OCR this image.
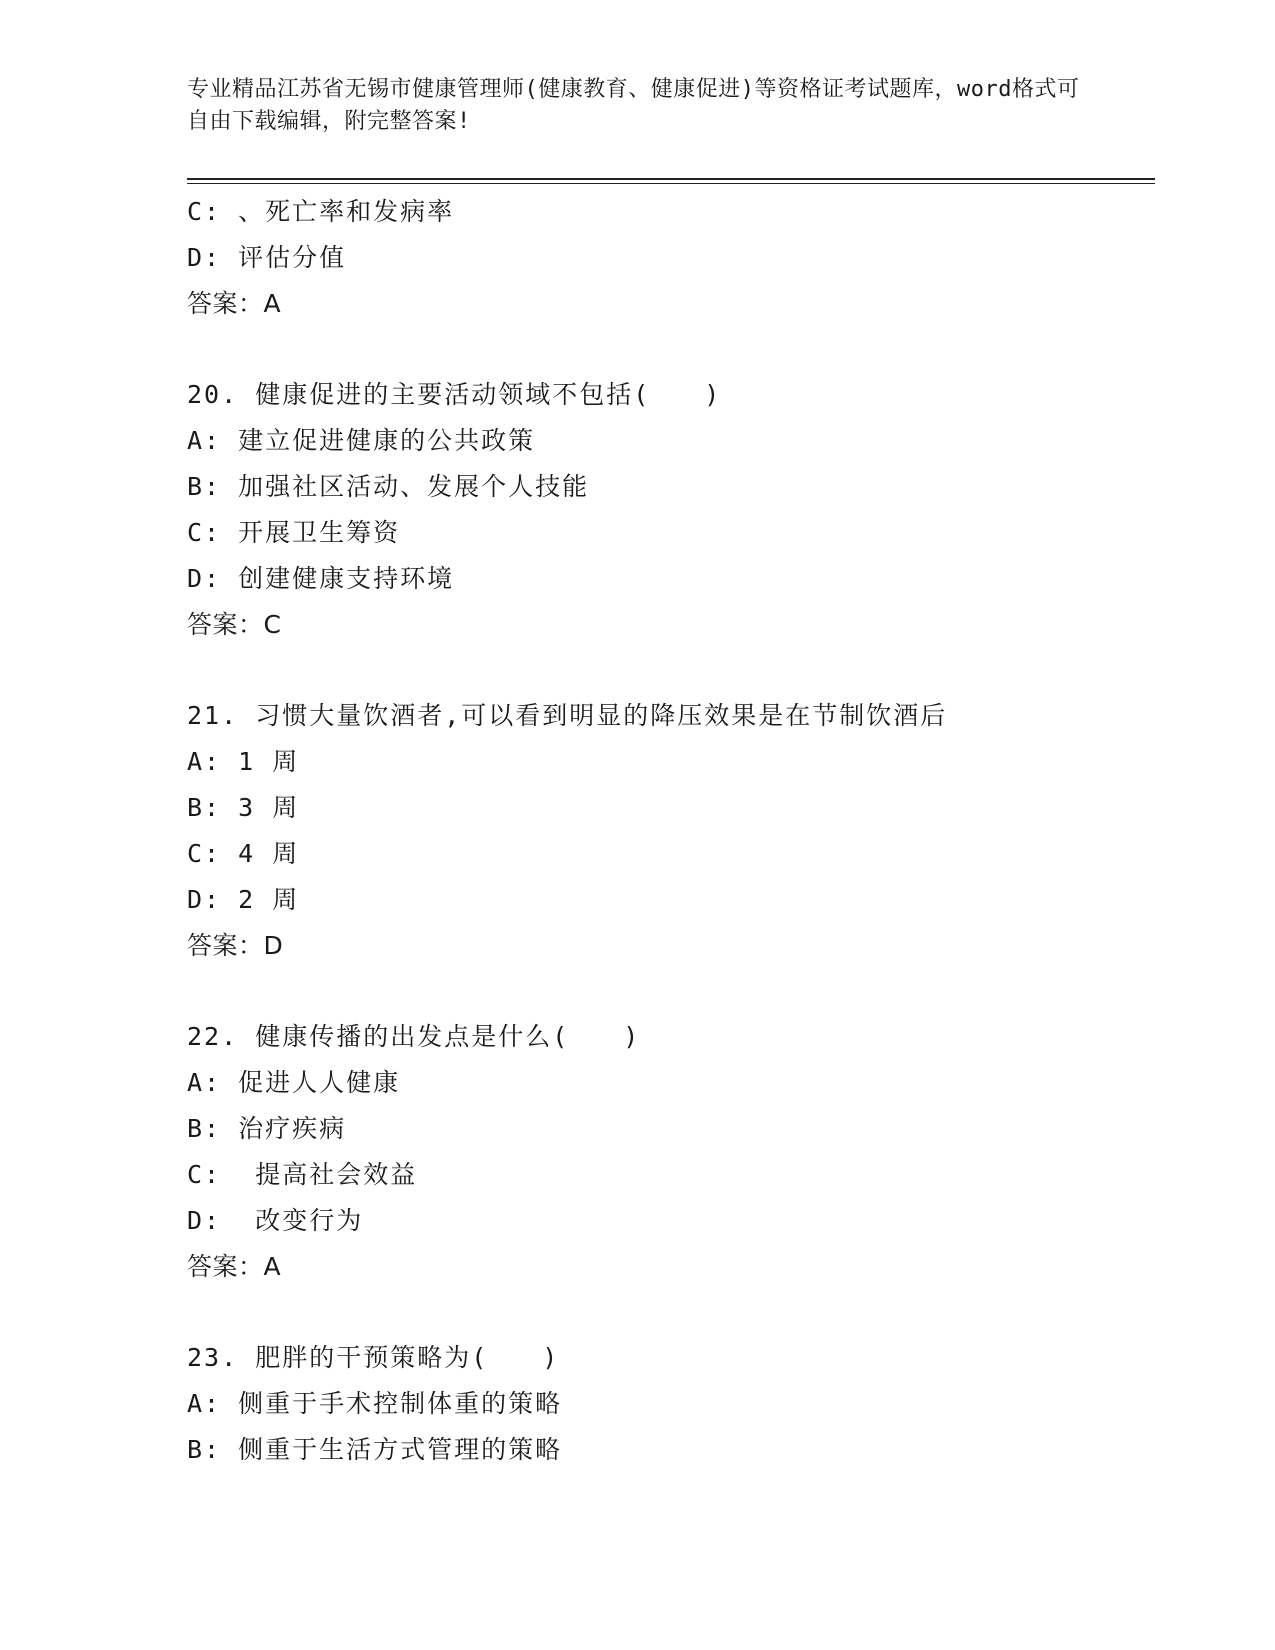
专业精品江苏省无锡市健康管理师(健康教育、健康促进)等资格证考试题库，word格式可自由下载编辑，附完整答案!
C: 、死亡率和发病率
D: 评估分值
答案：A
20. 健康促进的主要活动领域不包括(　　)
A: 建立促进健康的公共政策
B: 加强社区活动、发展个人技能
C: 开展卫生筹资
D: 创建健康支持环境
答案：C
21. 习惯大量饮酒者,可以看到明显的降压效果是在节制饮酒后
A: 1 周
B: 3 周
C: 4 周
D: 2 周
答案：D
22. 健康传播的出发点是什么(　　)
A: 促进人人健康
B: 治疗疾病
C:  提高社会效益
D:  改变行为
答案：A
23. 肥胖的干预策略为(　　)
A: 侧重于手术控制体重的策略
B: 侧重于生活方式管理的策略
